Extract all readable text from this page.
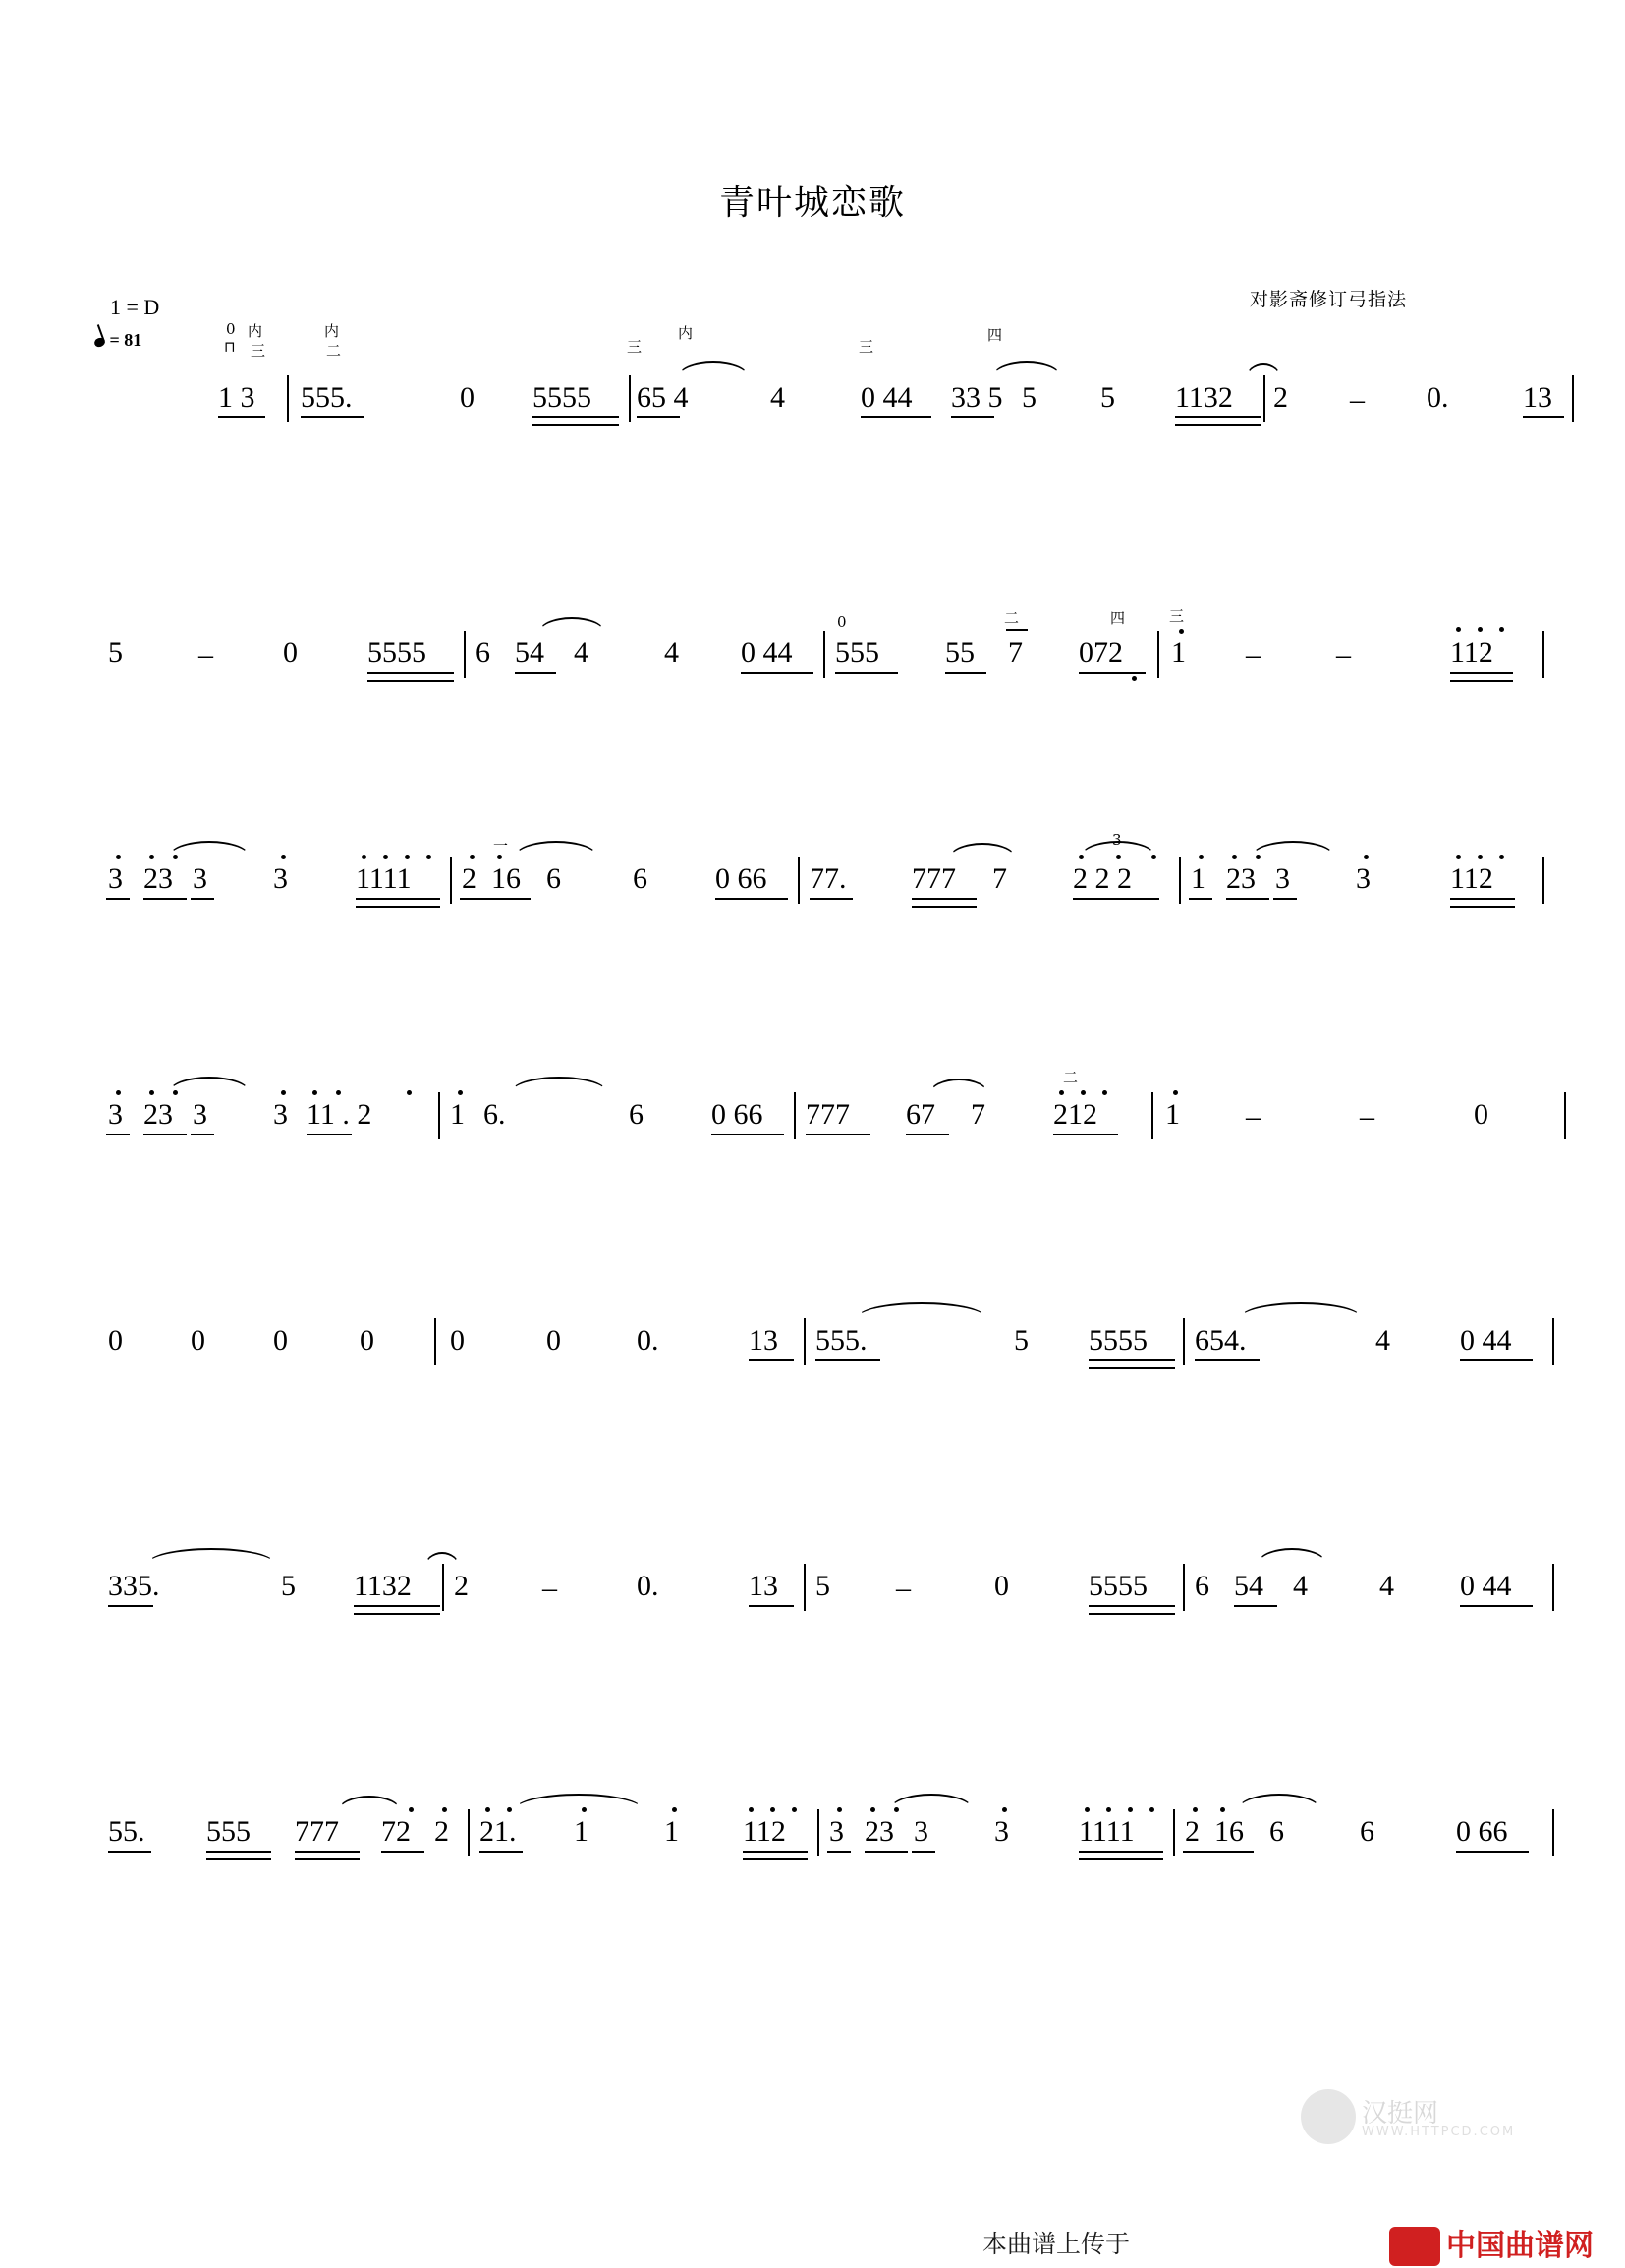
青叶城恋歌
对影斋修订弓指法
1 = D
= 81	⊓
0 内
三
内
二	三
内
三
四
1 3 555.	0 5555 65 4	4	0 44 33 5 5 5 1132 2 – 0.	13
5	– 0 5555 6 54 4	4 0 44 555
0
55 7
二
072
四
1
三
–	–	112
3 23 3 3 1111 2 16
一
6 6 0 66 77. 777 7 2 2 2
3
1 23 3 3	112
3 23 3 3 11 . 2	1 6.	6 0 66 777 67 7 212
二
1 –	–	0
0 0 0 0	0	0	0.	13 555.	5 5555 654.	4 0 44
335.	5 1132 2	–	0.	13 5 –	0	5555 6 54 4 4 0 44
55. 555 777 72 2 21. 1	1 112 3 23 3 3 1111 2 16 6	6	0 66
汉挺网
WWW.HTTPCD.COM
本曲谱上传于	中国曲谱网
